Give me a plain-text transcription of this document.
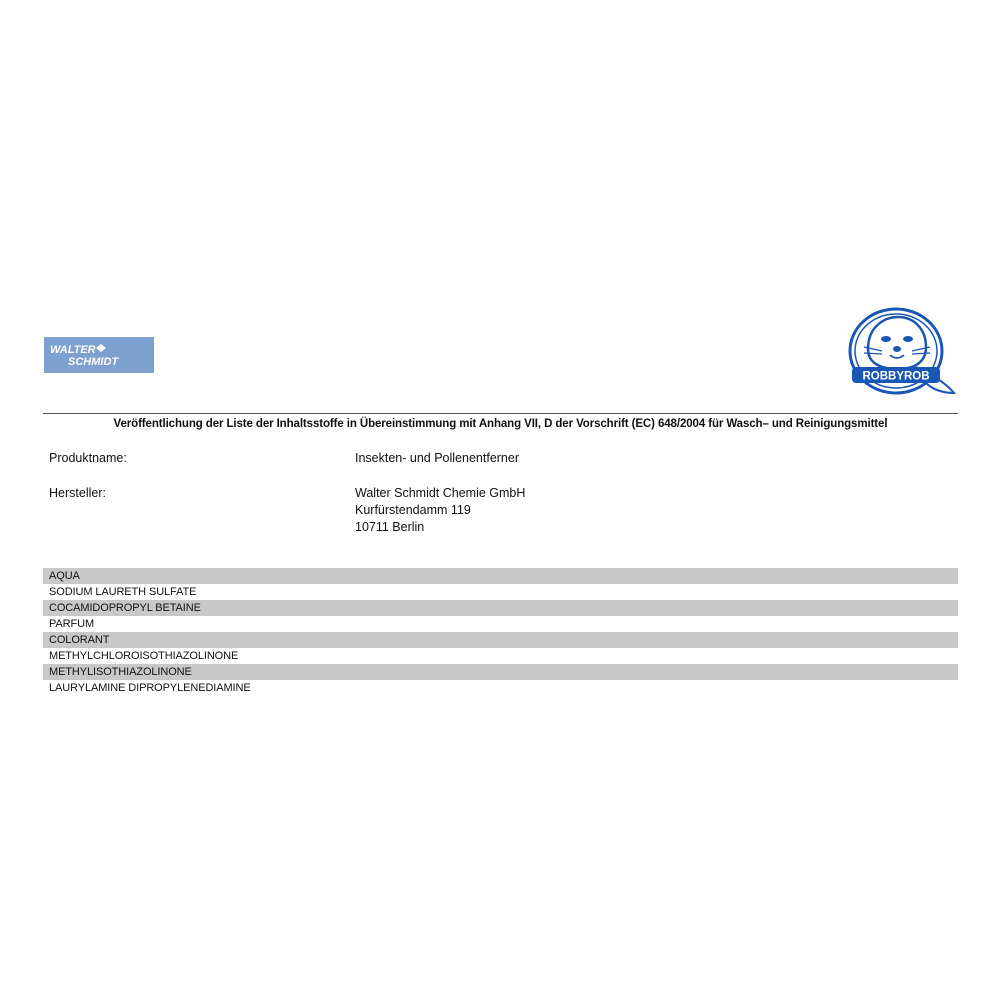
WALTER
SCHMIDT
ROBBYROB
Veröffentlichung der Liste der Inhaltsstoffe in Übereinstimmung mit Anhang VII, D der Vorschrift (EC) 648/2004 für Wasch– und Reinigungsmittel
Produktname:	Insekten- und Pollenentferner
Hersteller:	Walter Schmidt Chemie GmbH
Kurfürstendamm 119
10711 Berlin
AQUA
SODIUM LAURETH SULFATE
COCAMIDOPROPYL BETAINE
PARFUM
COLORANT
METHYLCHLOROISOTHIAZOLINONE
METHYLISOTHIAZOLINONE
LAURYLAMINE DIPROPYLENEDIAMINE
